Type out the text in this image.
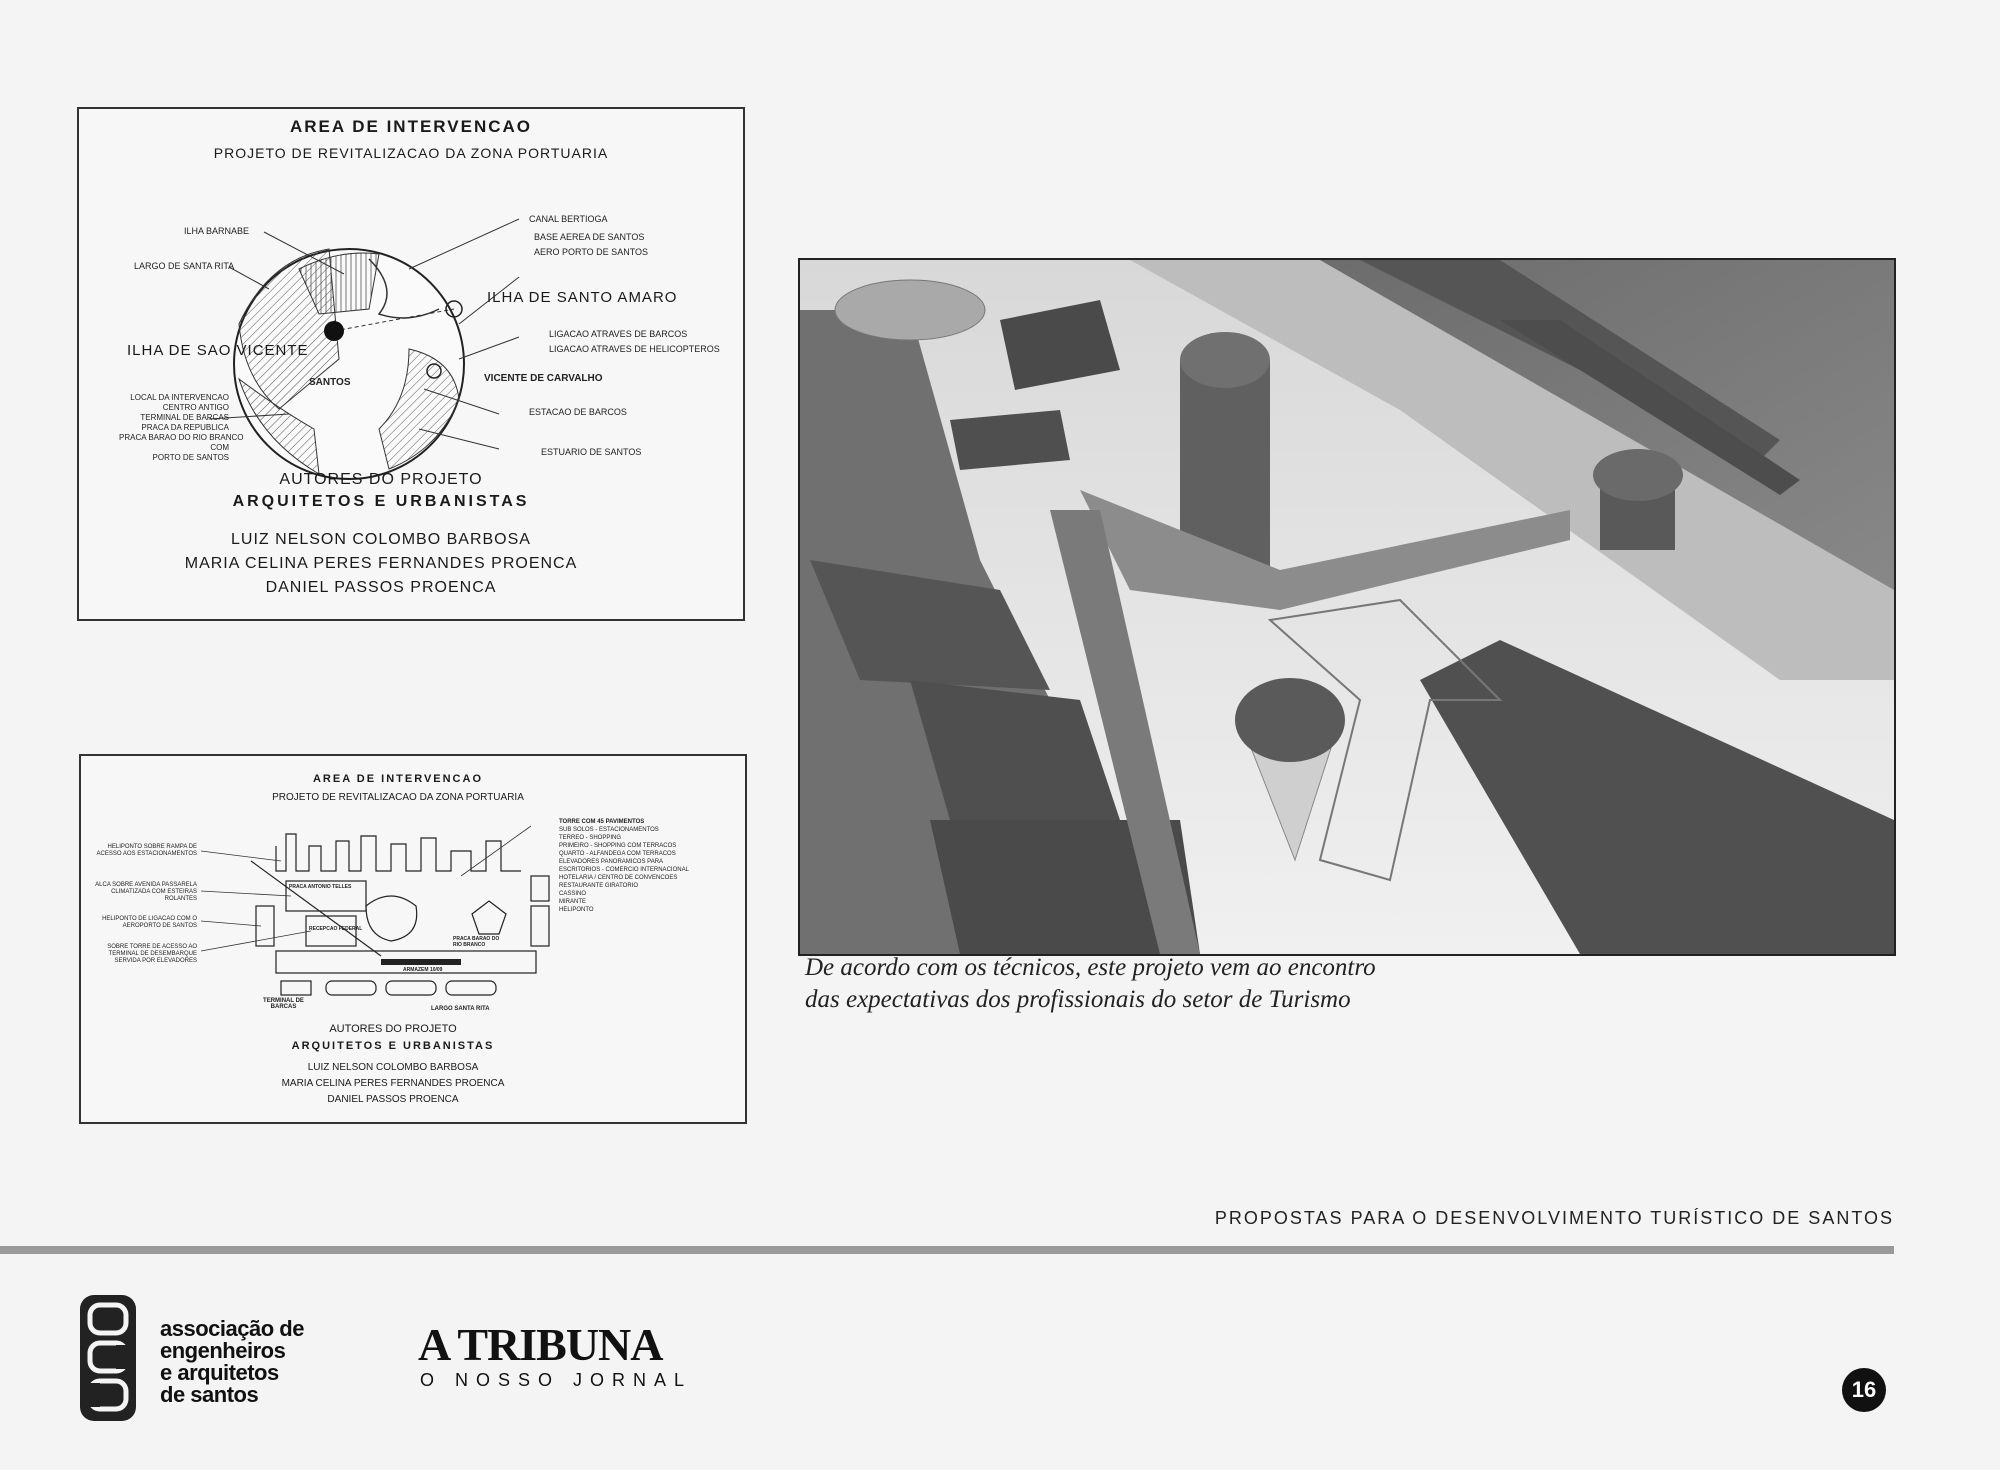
AREA DE INTERVENCAO
PROJETO DE REVITALIZACAO DA ZONA PORTUARIA
ILHA BARNABE
LARGO DE SANTA RITA
ILHA DE SAO VICENTE
LOCAL DA INTERVENCAO
CENTRO ANTIGO
TERMINAL DE BARCAS
PRACA DA REPUBLICA
PRACA BARAO DO RIO BRANCO
COM
PORTO DE SANTOS
SANTOS
CANAL BERTIOGA
BASE AEREA DE SANTOS
AERO PORTO DE SANTOS
ILHA DE SANTO AMARO
LIGACAO ATRAVES DE BARCOS
LIGACAO ATRAVES DE HELICOPTEROS
VICENTE DE CARVALHO
ESTACAO DE BARCOS
ESTUARIO DE SANTOS
AUTORES DO PROJETO
ARQUITETOS E URBANISTAS
LUIZ NELSON COLOMBO BARBOSA
MARIA CELINA PERES FERNANDES PROENCA
DANIEL PASSOS PROENCA
AREA DE INTERVENCAO
PROJETO DE REVITALIZACAO DA ZONA PORTUARIA
HELIPONTO SOBRE RAMPA DE ACESSO AOS ESTACIONAMENTOS
ALCA SOBRE AVENIDA PASSARELA CLIMATIZADA COM ESTEIRAS ROLANTES
HELIPONTO DE LIGACAO COM O AEROPORTO DE SANTOS
SOBRE TORRE DE ACESSO AO TERMINAL DE DESEMBARQUE SERVIDA POR ELEVADORES
TORRE COM 45 PAVIMENTOS
SUB SOLOS - ESTACIONAMENTOS
TERREO - SHOPPING
PRIMEIRO - SHOPPING COM TERRACOS
QUARTO - ALFANDEGA COM TERRACOS
ELEVADORES PANORAMICOS PARA
ESCRITORIOS - COMERCIO INTERNACIONAL
HOTELARIA / CENTRO DE CONVENCOES
RESTAURANTE GIRATORIO
CASSINO
MIRANTE
HELIPONTO
PRACA ANTONIO TELLES
RECEPCAO FEDERAL
PRACA BARAO DO RIO BRANCO
ARMAZEM 10/09
TERMINAL DE BARCAS	LARGO SANTA RITA
AUTORES DO PROJETO
ARQUITETOS E URBANISTAS
LUIZ NELSON COLOMBO BARBOSA
MARIA CELINA PERES FERNANDES PROENCA
DANIEL PASSOS PROENCA
De acordo com os técnicos, este projeto vem ao encontro
das expectativas dos profissionais do setor de Turismo
PROPOSTAS PARA O DESENVOLVIMENTO TURÍSTICO DE SANTOS
associação de
engenheiros
e arquitetos
de santos
A TRIBUNA
O NOSSO JORNAL	16
